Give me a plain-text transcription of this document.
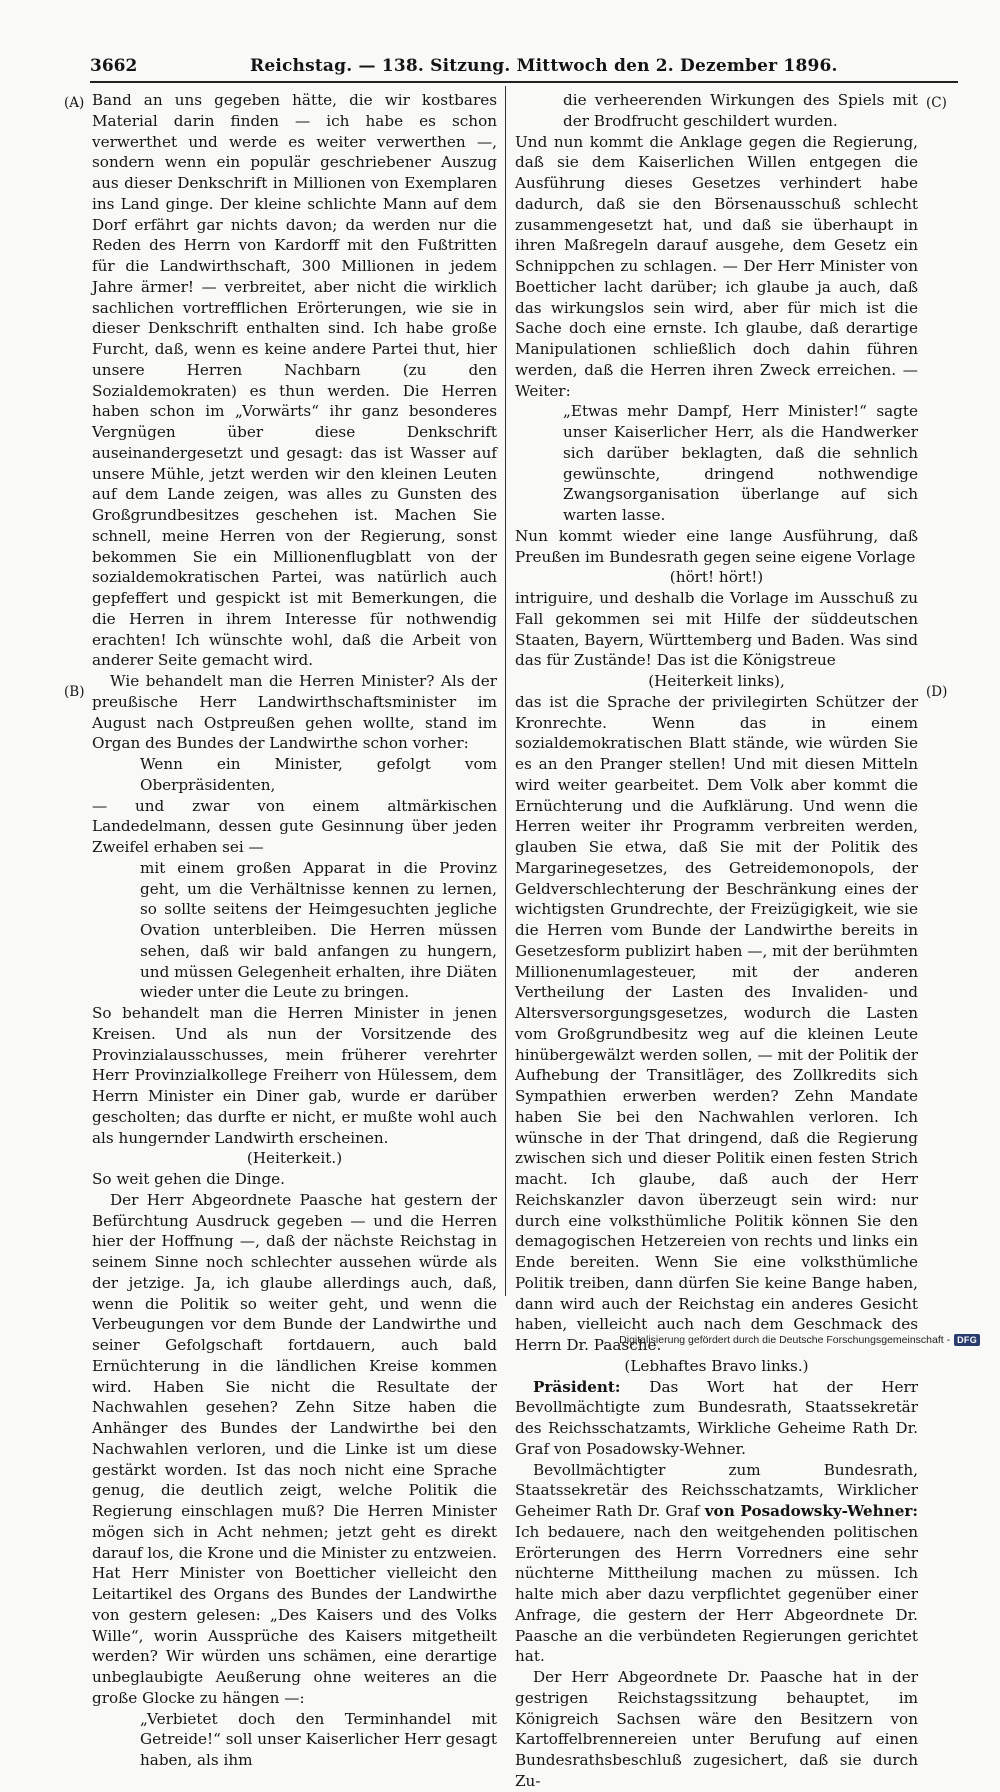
3662	Reichstag. — 138. Sitzung. Mittwoch den 2. Dezember 1896.
(A)
(B)
(C)
(D)

Band an uns gegeben hätte, die wir kostbares Material darin finden — ich habe es schon verwerthet und werde es weiter verwerthen —, sondern wenn ein populär geschriebener Auszug aus dieser Denkschrift in Millionen von Exemplaren ins Land ginge. Der kleine schlichte Mann auf dem Dorf erfährt gar nichts davon; da werden nur die Reden des Herrn von Kardorff mit den Fußtritten für die Landwirthschaft, 300 Millionen in jedem Jahre ärmer! — verbreitet, aber nicht die wirklich sachlichen vortrefflichen Erörterungen, wie sie in dieser Denkschrift enthalten sind. Ich habe große Furcht, daß, wenn es keine andere Partei thut, hier unsere Herren Nachbarn (zu den Sozialdemokraten) es thun werden. Die Herren haben schon im „Vorwärts“ ihr ganz besonderes Vergnügen über diese Denkschrift auseinandergesetzt und gesagt: das ist Wasser auf unsere Mühle, jetzt werden wir den kleinen Leuten auf dem Lande zeigen, was alles zu Gunsten des Großgrundbesitzes geschehen ist. Machen Sie schnell, meine Herren von der Regierung, sonst bekommen Sie ein Millionenflugblatt von der sozialdemokratischen Partei, was natürlich auch gepfeffert und gespickt ist mit Bemerkungen, die die Herren in ihrem Interesse für nothwendig erachten! Ich wünschte wohl, daß die Arbeit von anderer Seite gemacht wird.

Wie behandelt man die Herren Minister? Als der preußische Herr Landwirthschaftsminister im August nach Ostpreußen gehen wollte, stand im Organ des Bundes der Landwirthe schon vorher:

Wenn ein Minister, gefolgt vom Oberpräsidenten,

— und zwar von einem altmärkischen Landedelmann, dessen gute Gesinnung über jeden Zweifel erhaben sei —

mit einem großen Apparat in die Provinz geht, um die Verhältnisse kennen zu lernen, so sollte seitens der Heimgesuchten jegliche Ovation unterbleiben. Die Herren müssen sehen, daß wir bald anfangen zu hungern, und müssen Gelegenheit erhalten, ihre Diäten wieder unter die Leute zu bringen.

So behandelt man die Herren Minister in jenen Kreisen. Und als nun der Vorsitzende des Provinzialausschusses, mein früherer verehrter Herr Provinzialkollege Freiherr von Hülessem, dem Herrn Minister ein Diner gab, wurde er darüber gescholten; das durfte er nicht, er mußte wohl auch als hungernder Landwirth erscheinen.

(Heiterkeit.)

So weit gehen die Dinge.

Der Herr Abgeordnete Paasche hat gestern der Befürchtung Ausdruck gegeben — und die Herren hier der Hoffnung —, daß der nächste Reichstag in seinem Sinne noch schlechter aussehen würde als der jetzige. Ja, ich glaube allerdings auch, daß, wenn die Politik so weiter geht, und wenn die Verbeugungen vor dem Bunde der Landwirthe und seiner Gefolgschaft fortdauern, auch bald Ernüchterung in die ländlichen Kreise kommen wird. Haben Sie nicht die Resultate der Nachwahlen gesehen? Zehn Sitze haben die Anhänger des Bundes der Landwirthe bei den Nachwahlen verloren, und die Linke ist um diese gestärkt worden. Ist das noch nicht eine Sprache genug, die deutlich zeigt, welche Politik die Regierung einschlagen muß? Die Herren Minister mögen sich in Acht nehmen; jetzt geht es direkt darauf los, die Krone und die Minister zu entzweien. Hat Herr Minister von Boetticher vielleicht den Leitartikel des Organs des Bundes der Landwirthe von gestern gelesen: „Des Kaisers und des Volks Wille“, worin Aussprüche des Kaisers mitgetheilt werden? Wir würden uns schämen, eine derartige unbeglaubigte Aeußerung ohne weiteres an die große Glocke zu hängen —:

„Verbietet doch den Terminhandel mit Getreide!“ soll unser Kaiserlicher Herr gesagt haben, als ihm

die verheerenden Wirkungen des Spiels mit der Brodfrucht geschildert wurden.

Und nun kommt die Anklage gegen die Regierung, daß sie dem Kaiserlichen Willen entgegen die Ausführung dieses Gesetzes verhindert habe dadurch, daß sie den Börsenausschuß schlecht zusammengesetzt hat, und daß sie überhaupt in ihren Maßregeln darauf ausgehe, dem Gesetz ein Schnippchen zu schlagen. — Der Herr Minister von Boetticher lacht darüber; ich glaube ja auch, daß das wirkungslos sein wird, aber für mich ist die Sache doch eine ernste. Ich glaube, daß derartige Manipulationen schließlich doch dahin führen werden, daß die Herren ihren Zweck erreichen. — Weiter:

„Etwas mehr Dampf, Herr Minister!“ sagte unser Kaiserlicher Herr, als die Handwerker sich darüber beklagten, daß die sehnlich gewünschte, dringend nothwendige Zwangsorganisation überlange auf sich warten lasse.

Nun kommt wieder eine lange Ausführung, daß Preußen im Bundesrath gegen seine eigene Vorlage

(hört! hört!)

intriguire, und deshalb die Vorlage im Ausschuß zu Fall gekommen sei mit Hilfe der süddeutschen Staaten, Bayern, Württemberg und Baden. Was sind das für Zustände! Das ist die Königstreue

(Heiterkeit links),

das ist die Sprache der privilegirten Schützer der Kronrechte. Wenn das in einem sozialdemokratischen Blatt stände, wie würden Sie es an den Pranger stellen! Und mit diesen Mitteln wird weiter gearbeitet. Dem Volk aber kommt die Ernüchterung und die Aufklärung. Und wenn die Herren weiter ihr Programm verbreiten werden, glauben Sie etwa, daß Sie mit der Politik des Margarinegesetzes, des Getreidemonopols, der Geldverschlechterung der Beschränkung eines der wichtigsten Grundrechte, der Freizügigkeit, wie sie die Herren vom Bunde der Landwirthe bereits in Gesetzesform publizirt haben —, mit der berühmten Millionenumlagesteuer, mit der anderen Vertheilung der Lasten des Invaliden- und Altersversorgungsgesetzes, wodurch die Lasten vom Großgrundbesitz weg auf die kleinen Leute hinübergewälzt werden sollen, — mit der Politik der Aufhebung der Transitläger, des Zollkredits sich Sympathien erwerben werden? Zehn Mandate haben Sie bei den Nachwahlen verloren. Ich wünsche in der That dringend, daß die Regierung zwischen sich und dieser Politik einen festen Strich macht. Ich glaube, daß auch der Herr Reichskanzler davon überzeugt sein wird: nur durch eine volksthümliche Politik können Sie den demagogischen Hetzereien von rechts und links ein Ende bereiten. Wenn Sie eine volksthümliche Politik treiben, dann dürfen Sie keine Bange haben, dann wird auch der Reichstag ein anderes Gesicht haben, vielleicht auch nach dem Geschmack des Herrn Dr. Paasche.

(Lebhaftes Bravo links.)

Präsident: Das Wort hat der Herr Bevollmächtigte zum Bundesrath, Staatssekretär des Reichsschatzamts, Wirkliche Geheime Rath Dr. Graf von Posadowsky-Wehner.

Bevollmächtigter zum Bundesrath, Staatssekretär des Reichsschatzamts, Wirklicher Geheimer Rath Dr. Graf von Posadowsky-Wehner: Ich bedauere, nach den weitgehenden politischen Erörterungen des Herrn Vorredners eine sehr nüchterne Mittheilung machen zu müssen. Ich halte mich aber dazu verpflichtet gegenüber einer Anfrage, die gestern der Herr Abgeordnete Dr. Paasche an die verbündeten Regierungen gerichtet hat.

Der Herr Abgeordnete Dr. Paasche hat in der gestrigen Reichstagssitzung behauptet, im Königreich Sachsen wäre den Besitzern von Kartoffelbrennereien unter Berufung auf einen Bundesrathsbeschluß zugesichert, daß sie durch Zu-

Digitalisierung gefördert durch die Deutsche Forschungsgemeinschaft - DFG
